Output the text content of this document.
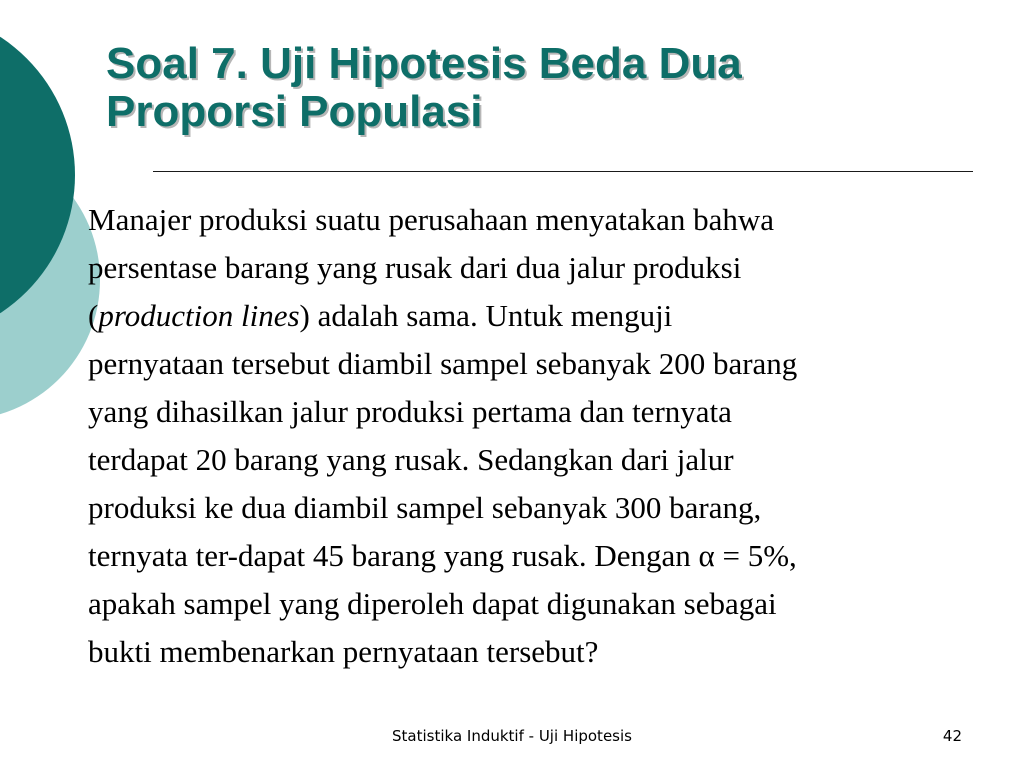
Soal 7. Uji Hipotesis Beda Dua
Proporsi Populasi
Manajer produksi suatu perusahaan menyatakan bahwa
persentase barang yang rusak dari dua jalur produksi
(production lines) adalah sama. Untuk menguji
pernyataan tersebut diambil sampel sebanyak 200 barang
yang dihasilkan jalur produksi pertama dan ternyata
terdapat 20 barang yang rusak. Sedangkan dari jalur
produksi ke dua diambil sampel sebanyak 300 barang,
ternyata ter-dapat 45 barang yang rusak. Dengan α = 5%,
apakah sampel yang diperoleh dapat digunakan sebagai
bukti membenarkan pernyataan tersebut?
Statistika Induktif - Uji Hipotesis	42
